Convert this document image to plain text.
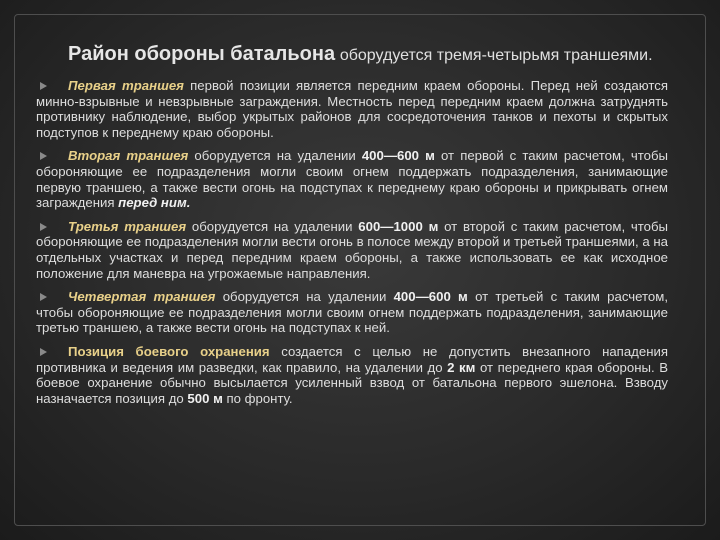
Район обороны батальона оборудуется тремя-четырьмя траншеями.

Первая траншея первой позиции является передним краем обороны. Перед ней создаются минно-взрывные и невзрывные заграждения. Местность перед передним краем должна затруднять противнику наблюдение, выбор укрытых районов для сосредоточения танков и пехоты и скрытых подступов к переднему краю обороны.

Вторая траншея оборудуется на удалении 400—600 м от первой с таким расчетом, чтобы обороняющие ее подразделения могли своим огнем поддержать подразделения, занимающие первую траншею, а также вести огонь на подступах к переднему краю обороны и прикрывать огнем заграждения перед ним.

Третья траншея оборудуется на удалении 600—1000 м от второй с таким расчетом, чтобы обороняющие ее подразделения могли вести огонь в полосе между второй и третьей траншеями, а на отдельных участках и перед передним краем обороны, а также использовать ее как исходное положение для маневра на угрожаемые направления.

Четвертая траншея оборудуется на удалении 400—600 м от третьей с таким расчетом, чтобы обороняющие ее подразделения могли своим огнем поддержать подразделения, занимающие третью траншею, а также вести огонь на подступах к ней.

Позиция боевого охранения создается с целью не допустить внезапного нападения противника и ведения им разведки, как правило, на удалении до 2 км от переднего края обороны. В боевое охранение обычно высылается усиленный взвод от батальона первого эшелона. Взводу назначается позиция до 500 м по фронту.
